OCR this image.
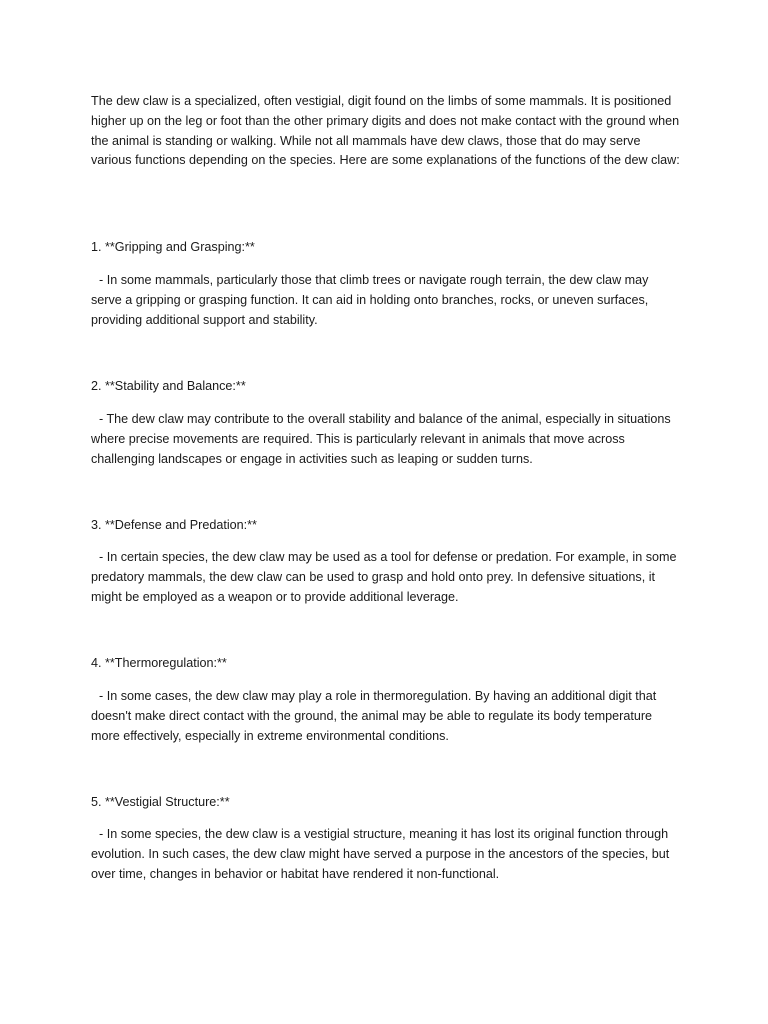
The dew claw is a specialized, often vestigial, digit found on the limbs of some mammals. It is positioned higher up on the leg or foot than the other primary digits and does not make contact with the ground when the animal is standing or walking. While not all mammals have dew claws, those that do may serve various functions depending on the species. Here are some explanations of the functions of the dew claw:

1. **Gripping and Grasping:**

- In some mammals, particularly those that climb trees or navigate rough terrain, the dew claw may serve a gripping or grasping function. It can aid in holding onto branches, rocks, or uneven surfaces, providing additional support and stability.

2. **Stability and Balance:**

- The dew claw may contribute to the overall stability and balance of the animal, especially in situations where precise movements are required. This is particularly relevant in animals that move across challenging landscapes or engage in activities such as leaping or sudden turns.

3. **Defense and Predation:**

- In certain species, the dew claw may be used as a tool for defense or predation. For example, in some predatory mammals, the dew claw can be used to grasp and hold onto prey. In defensive situations, it might be employed as a weapon or to provide additional leverage.

4. **Thermoregulation:**

- In some cases, the dew claw may play a role in thermoregulation. By having an additional digit that doesn't make direct contact with the ground, the animal may be able to regulate its body temperature more effectively, especially in extreme environmental conditions.

5. **Vestigial Structure:**

- In some species, the dew claw is a vestigial structure, meaning it has lost its original function through evolution. In such cases, the dew claw might have served a purpose in the ancestors of the species, but over time, changes in behavior or habitat have rendered it non-functional.
